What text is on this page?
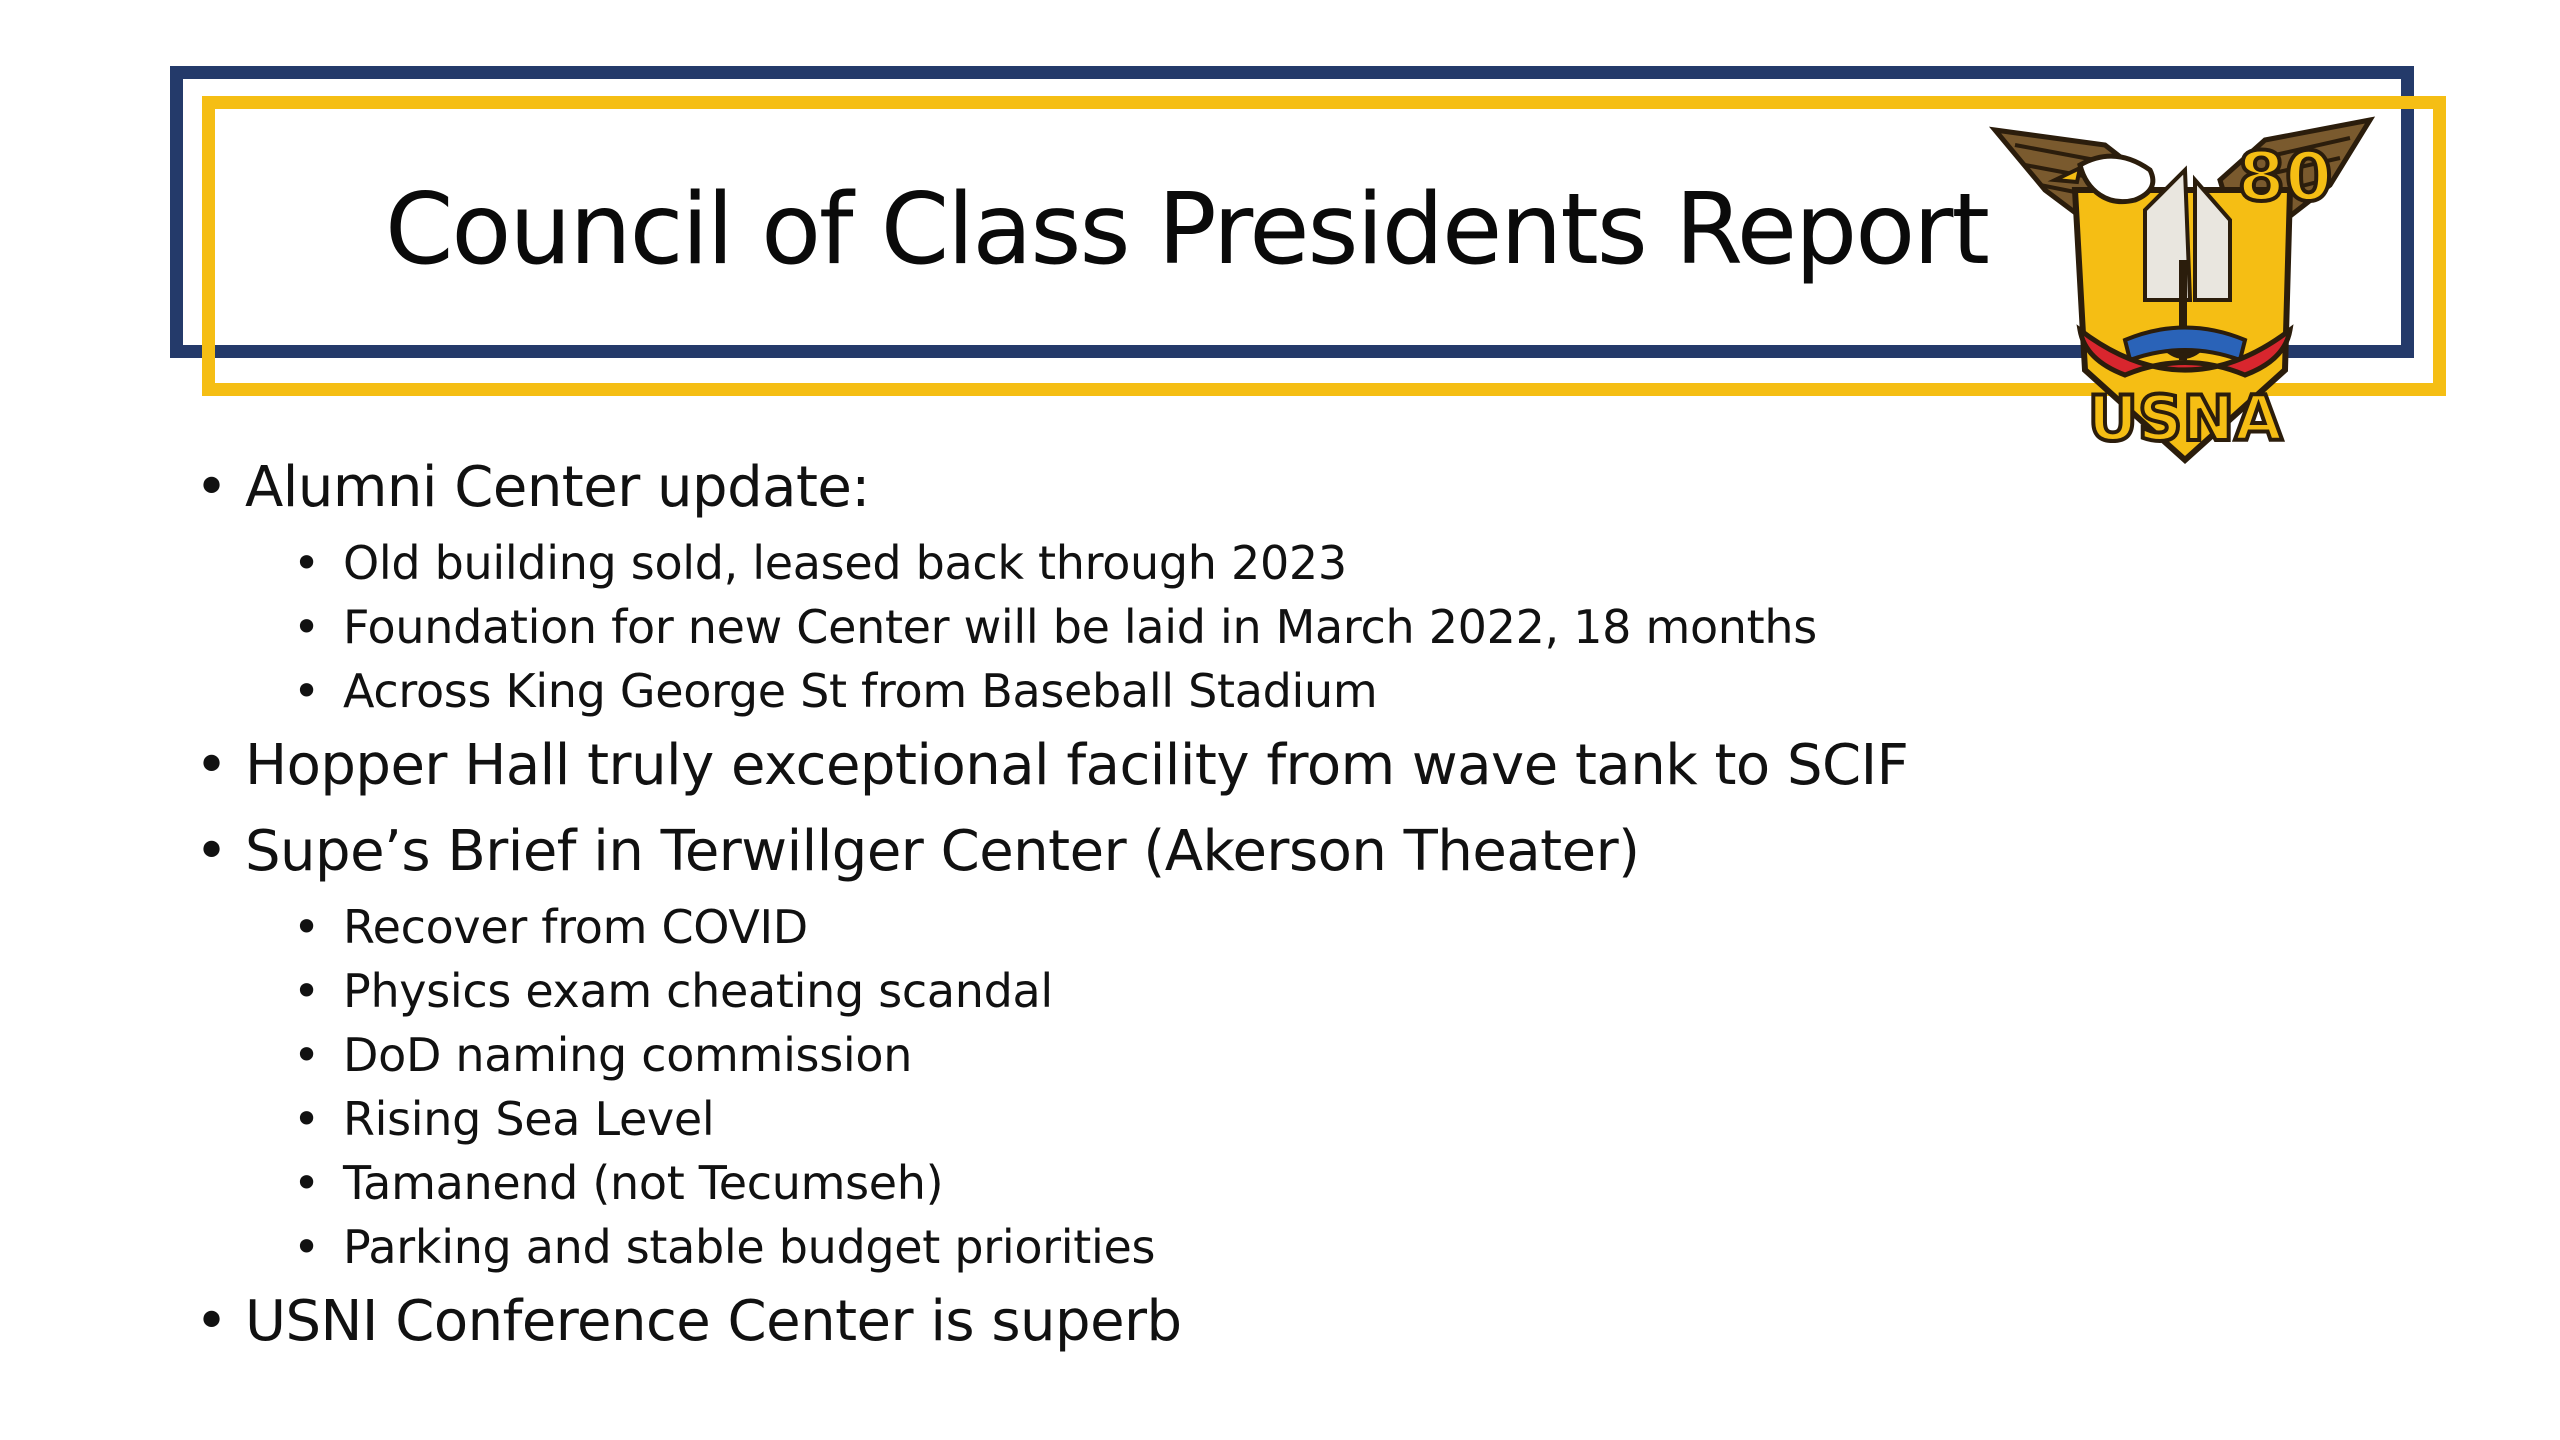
Council of Class Presidents Report	80
USNA
• Alumni Center update:
• Old building sold, leased back through 2023
• Foundation for new Center will be laid in March 2022, 18 months
• Across King George St from Baseball Stadium
• Hopper Hall truly exceptional facility from wave tank to SCIF
• Supe’s Brief in Terwillger Center (Akerson Theater)
• Recover from COVID
• Physics exam cheating scandal
• DoD naming commission
• Rising Sea Level
• Tamanend (not Tecumseh)
• Parking and stable budget priorities
• USNI Conference Center is superb
